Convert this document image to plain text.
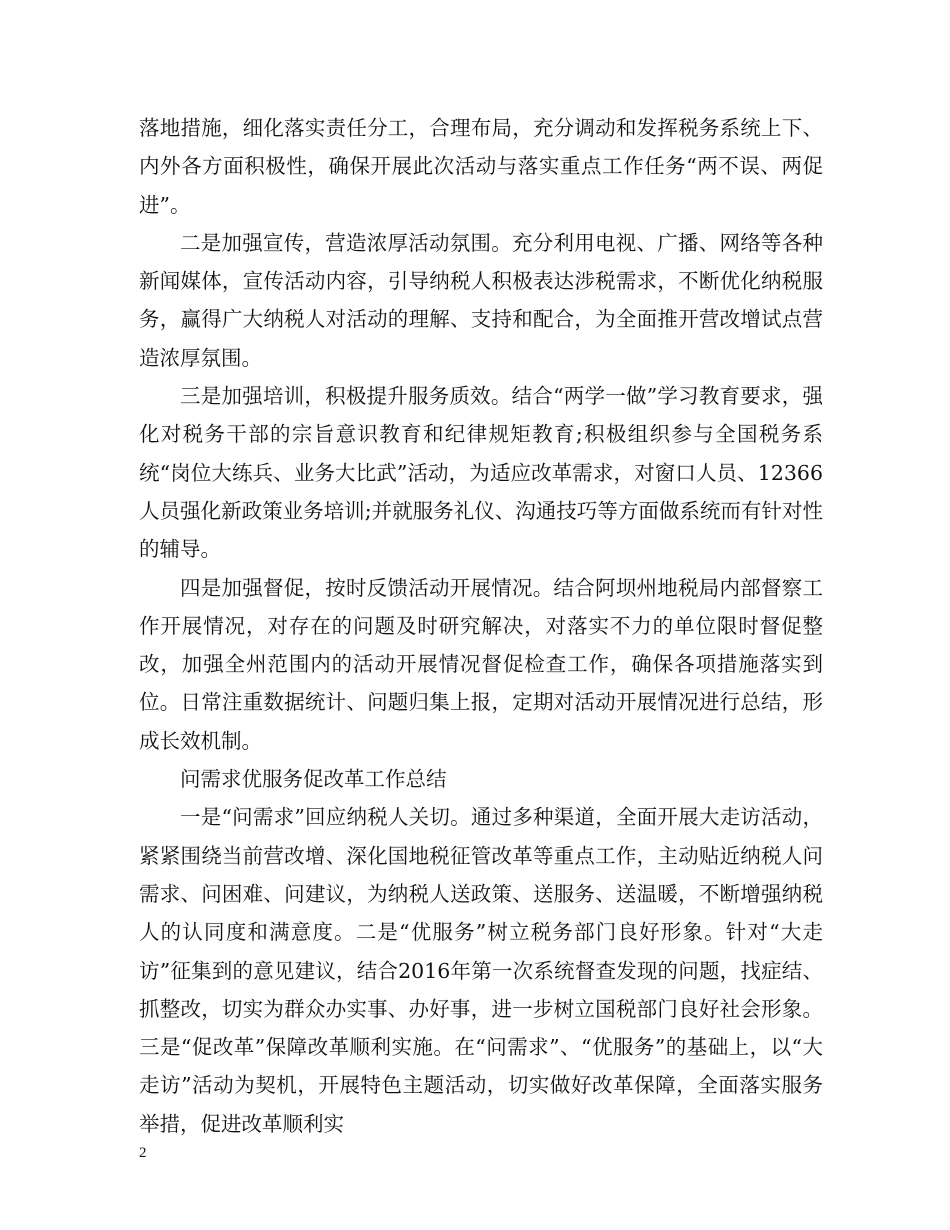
落地措施，细化落实责任分工，合理布局，充分调动和发挥税务系统上下、内外各方面积极性，确保开展此次活动与落实重点工作任务“两不误、两促进”。

二是加强宣传，营造浓厚活动氛围。充分利用电视、广播、网络等各种新闻媒体，宣传活动内容，引导纳税人积极表达涉税需求，不断优化纳税服务，赢得广大纳税人对活动的理解、支持和配合，为全面推开营改增试点营造浓厚氛围。

三是加强培训，积极提升服务质效。结合“两学一做”学习教育要求，强化对税务干部的宗旨意识教育和纪律规矩教育;积极组织参与全国税务系统“岗位大练兵、业务大比武”活动，为适应改革需求，对窗口人员、12366人员强化新政策业务培训;并就服务礼仪、沟通技巧等方面做系统而有针对性的辅导。

四是加强督促，按时反馈活动开展情况。结合阿坝州地税局内部督察工作开展情况，对存在的问题及时研究解决，对落实不力的单位限时督促整改，加强全州范围内的活动开展情况督促检查工作，确保各项措施落实到位。日常注重数据统计、问题归集上报，定期对活动开展情况进行总结，形成长效机制。

问需求优服务促改革工作总结

一是“问需求”回应纳税人关切。通过多种渠道，全面开展大走访活动，紧紧围绕当前营改增、深化国地税征管改革等重点工作，主动贴近纳税人问需求、问困难、问建议，为纳税人送政策、送服务、送温暖，不断增强纳税人的认同度和满意度。二是“优服务”树立税务部门良好形象。针对“大走访”征集到的意见建议，结合2016年第一次系统督查发现的问题，找症结、抓整改，切实为群众办实事、办好事，进一步树立国税部门良好社会形象。三是“促改革”保障改革顺利实施。在“问需求”、“优服务”的基础上，以“大走访”活动为契机，开展特色主题活动，切实做好改革保障，全面落实服务举措，促进改革顺利实

2
